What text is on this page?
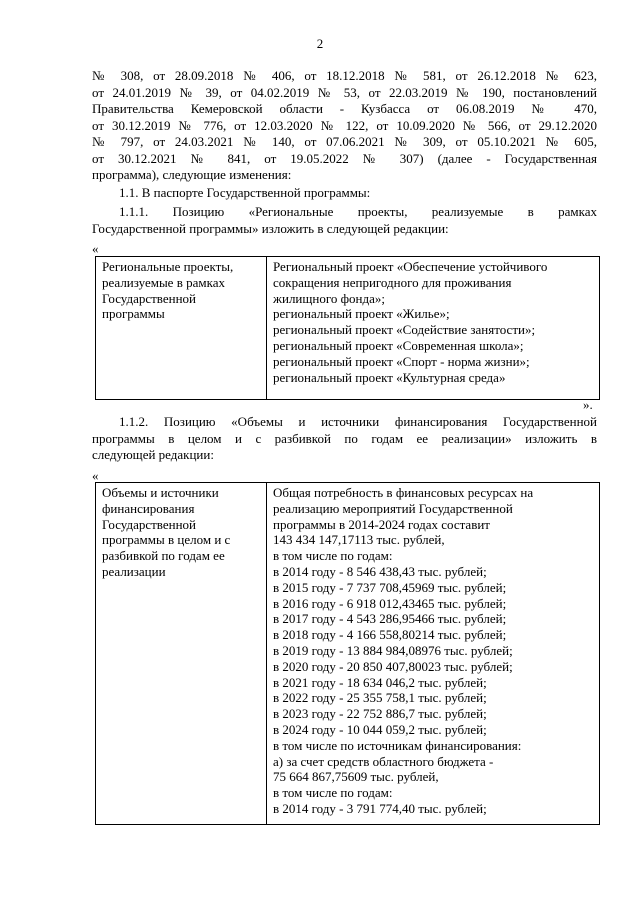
2
№ 308, от 28.09.2018 № 406, от 18.12.2018 № 581, от 26.12.2018 № 623,
от 24.01.2019 № 39, от 04.02.2019 № 53, от 22.03.2019 № 190, постановлений
Правительства Кемеровской области - Кузбасса от 06.08.2019 № 470,
от 30.12.2019 № 776, от 12.03.2020 № 122, от 10.09.2020 № 566, от 29.12.2020
№ 797, от 24.03.2021 № 140, от 07.06.2021 № 309, от 05.10.2021 № 605,
от 30.12.2021 № 841, от 19.05.2022 № 307) (далее - Государственная
программа), следующие изменения:
1.1. В паспорте Государственной программы:
1.1.1. Позицию «Региональные проекты, реализуемые в рамках
Государственной программы» изложить в следующей редакции:
«
Региональные проекты,
реализуемые в рамках
Государственной
программы

Региональный проект «Обеспечение устойчивого
сокращения непригодного для проживания
жилищного фонда»;
региональный проект «Жилье»;
региональный проект «Содействие занятости»;
региональный проект «Современная школа»;
региональный проект «Спорт - норма жизни»;
региональный проект «Культурная среда»
».
1.1.2. Позицию «Объемы и источники финансирования Государственной
программы в целом и с разбивкой по годам ее реализации» изложить в
следующей редакции:
«
Объемы и источники
финансирования
Государственной
программы в целом и с
разбивкой по годам ее
реализации

Общая потребность в финансовых ресурсах на
реализацию мероприятий Государственной
программы в 2014-2024 годах составит
143 434 147,17113 тыс. рублей,
в том числе по годам:
в 2014 году - 8 546 438,43 тыс. рублей;
в 2015 году - 7 737 708,45969 тыс. рублей;
в 2016 году - 6 918 012,43465 тыс. рублей;
в 2017 году - 4 543 286,95466 тыс. рублей;
в 2018 году - 4 166 558,80214 тыс. рублей;
в 2019 году - 13 884 984,08976 тыс. рублей;
в 2020 году - 20 850 407,80023 тыс. рублей;
в 2021 году - 18 634 046,2 тыс. рублей;
в 2022 году - 25 355 758,1 тыс. рублей;
в 2023 году - 22 752 886,7 тыс. рублей;
в 2024 году - 10 044 059,2 тыс. рублей;
в том числе по источникам финансирования:
а) за счет средств областного бюджета -
75 664 867,75609 тыс. рублей,
в том числе по годам:
в 2014 году - 3 791 774,40 тыс. рублей;
